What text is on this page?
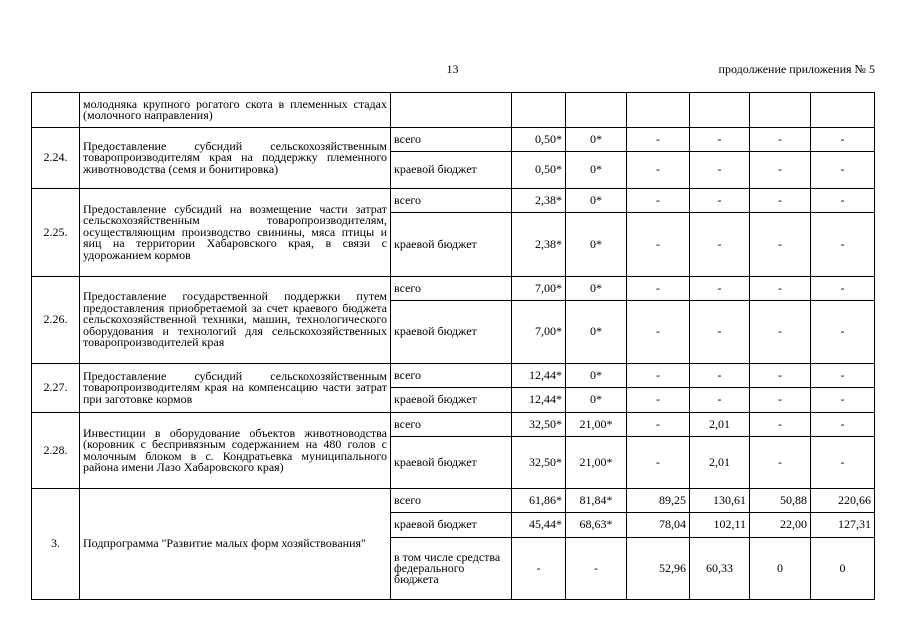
13	продолжение приложения № 5
	молодняка крупного рогатого скота в племенных стадах (молочного направления)							
2.24.	Предоставление субсидий сельскохозяйственным товаропроизводителям края на поддержку племенного животноводства (семя и бонитировка)	всего	0,50*	0*	-	-	-	-
		краевой бюджет	0,50*	0*	-	-	-	-
2.25.	Предоставление субсидий на возмещение части затрат сельскохозяйственным товаропроизводителям, осуществляющим производство свинины, мяса птицы и яиц на территории Хабаровского края, в связи с удорожанием кормов	всего	2,38*	0*	-	-	-	-
		краевой бюджет	2,38*	0*	-	-	-	-
2.26.	Предоставление государственной поддержки путем предоставления приобретаемой за счет краевого бюджета сельскохозяйственной техники, машин, технологического оборудования и технологий для сельскохозяйственных товаропроизводителей края	всего	7,00*	0*	-	-	-	-
		краевой бюджет	7,00*	0*	-	-	-	-
2.27.	Предоставление субсидий сельскохозяйственным товаропроизводителям края на компенсацию части затрат при заготовке кормов	всего	12,44*	0*	-	-	-	-
		краевой бюджет	12,44*	0*	-	-	-	-
2.28.	Инвестиции в оборудование объектов животноводства (коровник с беспривязным содержанием на 480 голов с молочным блоком в с. Кондратьевка муниципального района имени Лазо Хабаровского края)	всего	32,50*	21,00*	-	2,01	-	-
		краевой бюджет	32,50*	21,00*	-	2,01	-	-
3.	Подпрограмма "Развитие малых форм хозяйствования"	всего	61,86*	81,84*	89,25	130,61	50,88	220,66
		краевой бюджет	45,44*	68,63*	78,04	102,11	22,00	127,31
		в том числе средства федерального бюджета	-	-	52,96	60,33	0	0
